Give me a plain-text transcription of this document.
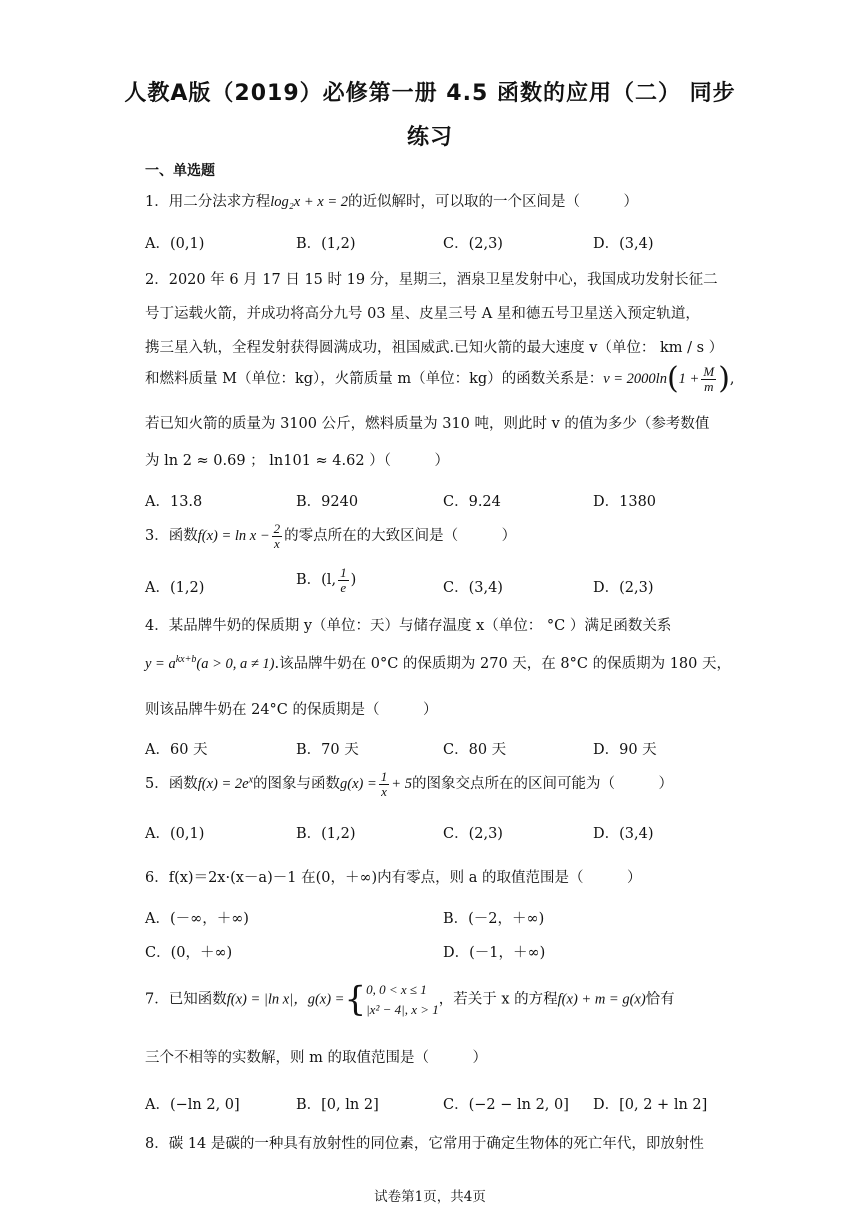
人教A版（2019）必修第一册 4.5 函数的应用（二） 同步
练习
一、单选题
1．用二分法求方程log₂x + x = 2的近似解时，可以取的一个区间是（　　　）
A．(0,1)	B．(1,2)	C．(2,3)	D．(3,4)
2．2020 年 6 月 17 日 15 时 19 分，星期三，酒泉卫星发射中心，我国成功发射长征二
号丁运载火箭，并成功将高分九号 03 星、皮星三号 A 星和德五号卫星送入预定轨道，
携三星入轨，全程发射获得圆满成功，祖国威武.已知火箭的最大速度 v（单位： km / s ）
和燃料质量 M（单位：kg），火箭质量 m（单位：kg）的函数关系是：$v = 2000\ln(1 + \frac{M}{m}$ ),
若已知火箭的质量为 3100 公斤，燃料质量为 310 吨，则此时 v 的值为多少（参考数值
为 ln 2 ≈ 0.69 ； ln101 ≈ 4.62 ）（　　　）
A．13.8	B．9240	C．9.24	D．1380
3．函数$f(x) = \ln x - \frac{2}{x}$ 的零点所在的大致区间是（　　　）
A．(1,2)	B．(l, $\frac{1}{e}$ )	C．(3,4)	D．(2,3)
4．某品牌牛奶的保质期 y（单位：天）与储存温度 x（单位： °C ）满足函数关系
$y = a^{kx+b}(a > 0$, a ≠ 1).该品牌牛奶在 0°C 的保质期为 270 天，在 8°C 的保质期为 180 天，
则该品牌牛奶在 24°C 的保质期是（　　　）
A．60 天	B．70 天	C．80 天	D．90 天
5．函数$f(x) = 2e^x$的图象与函数$g(x) = \frac{1}{x} + 5$的图象交点所在的区间可能为（　　　）
A．(0,1)	B．(1,2)	C．(2,3)	D．(3,4)
6．f(x)＝2x·(x－a)－1 在(0，＋∞)内有零点，则 a 的取值范围是（　　　）
A．(－∞，＋∞)	B．(－2，＋∞)
C．(0，＋∞)	D．(－1，＋∞)
7．已知函数f(x) = |ln x|，g(x) ={ 0, 0 < x ≤ 1
|x² − 4|, x > 1
，若关于 x 的方程f(x) + m = g(x)恰有
三个不相等的实数解，则 m 的取值范围是（　　　）
A．(−ln 2, 0]	B．[0, ln 2]	C．(−2 − ln 2, 0] D．[0, 2 + ln 2]
8．碳 14 是碳的一种具有放射性的同位素，它常用于确定生物体的死亡年代，即放射性
试卷第1页，共4页
